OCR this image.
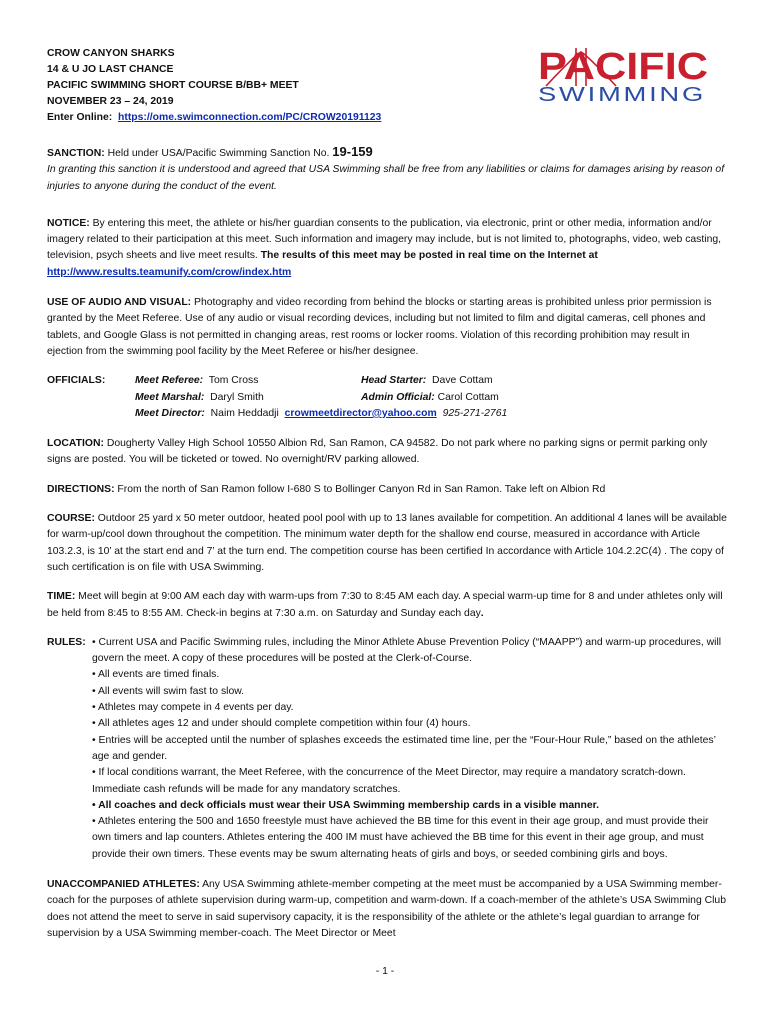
PACIFIC
SWIMMING
CROW CANYON SHARKS
14 & U JO LAST CHANCE
PACIFIC SWIMMING SHORT COURSE B/BB+ MEET
NOVEMBER 23 – 24, 2019
Enter Online: https://ome.swimconnection.com/PC/CROW20191123
SANCTION: Held under USA/Pacific Swimming Sanction No. 19-159
In granting this sanction it is understood and agreed that USA Swimming shall be free from any liabilities or claims for damages arising by reason of injuries to anyone during the conduct of the event.
NOTICE: By entering this meet, the athlete or his/her guardian consents to the publication, via electronic, print or other media, information and/or imagery related to their participation at this meet. Such information and imagery may include, but is not limited to, photographs, video, web casting, television, psych sheets and live meet results. The results of this meet may be posted in real time on the Internet at http://www.results.teamunify.com/crow/index.htm
USE OF AUDIO AND VISUAL: Photography and video recording from behind the blocks or starting areas is prohibited unless prior permission is granted by the Meet Referee. Use of any audio or visual recording devices, including but not limited to film and digital cameras, cell phones and tablets, and Google Glass is not permitted in changing areas, rest rooms or locker rooms. Violation of this recording prohibition may result in ejection from the swimming pool facility by the Meet Referee or his/her designee.
OFFICIALS:	Meet Referee: Tom Cross
Meet Marshal: Daryl Smith
Meet Director: Naim Heddadji crowmeetdirector@yahoo.com 925-271-2761
Head Starter: Dave Cottam
Admin Official: Carol Cottam
LOCATION: Dougherty Valley High School 10550 Albion Rd, San Ramon, CA 94582. Do not park where no parking signs or permit parking only signs are posted. You will be ticketed or towed. No overnight/RV parking allowed.
DIRECTIONS: From the north of San Ramon follow I-680 S to Bollinger Canyon Rd in San Ramon. Take left on Albion Rd
COURSE: Outdoor 25 yard x 50 meter outdoor, heated pool pool with up to 13 lanes available for competition. An additional 4 lanes will be available for warm-up/cool down throughout the competition. The minimum water depth for the shallow end course, measured in accordance with Article 103.2.3, is 10’ at the start end and 7’ at the turn end. The competition course has been certified In accordance with Article 104.2.2C(4) . The copy of such certification is on file with USA Swimming.
TIME: Meet will begin at 9:00 AM each day with warm-ups from 7:30 to 8:45 AM each day. A special warm-up time for 8 and under athletes only will be held from 8:45 to 8:55 AM. Check-in begins at 7:30 a.m. on Saturday and Sunday each day.
RULES: • Current USA and Pacific Swimming rules, including the Minor Athlete Abuse Prevention Policy (“MAAPP”) and warm-up procedures, will govern the meet. A copy of these procedures will be posted at the Clerk-of-Course.
• All events are timed finals.
• All events will swim fast to slow.
• Athletes may compete in 4 events per day.
• All athletes ages 12 and under should complete competition within four (4) hours.
• Entries will be accepted until the number of splashes exceeds the estimated time line, per the “Four-Hour Rule,” based on the athletes’ age and gender.
• If local conditions warrant, the Meet Referee, with the concurrence of the Meet Director, may require a mandatory scratch-down. Immediate cash refunds will be made for any mandatory scratches.
• All coaches and deck officials must wear their USA Swimming membership cards in a visible manner.
• Athletes entering the 500 and 1650 freestyle must have achieved the BB time for this event in their age group, and must provide their own timers and lap counters. Athletes entering the 400 IM must have achieved the BB time for this event in their age group, and must provide their own timers. These events may be swum alternating heats of girls and boys, or seeded combining girls and boys.
UNACCOMPANIED ATHLETES: Any USA Swimming athlete-member competing at the meet must be accompanied by a USA Swimming member-coach for the purposes of athlete supervision during warm-up, competition and warm-down. If a coach-member of the athlete’s USA Swimming Club does not attend the meet to serve in said supervisory capacity, it is the responsibility of the athlete or the athlete’s legal guardian to arrange for supervision by a USA Swimming member-coach. The Meet Director or Meet
- 1 -
